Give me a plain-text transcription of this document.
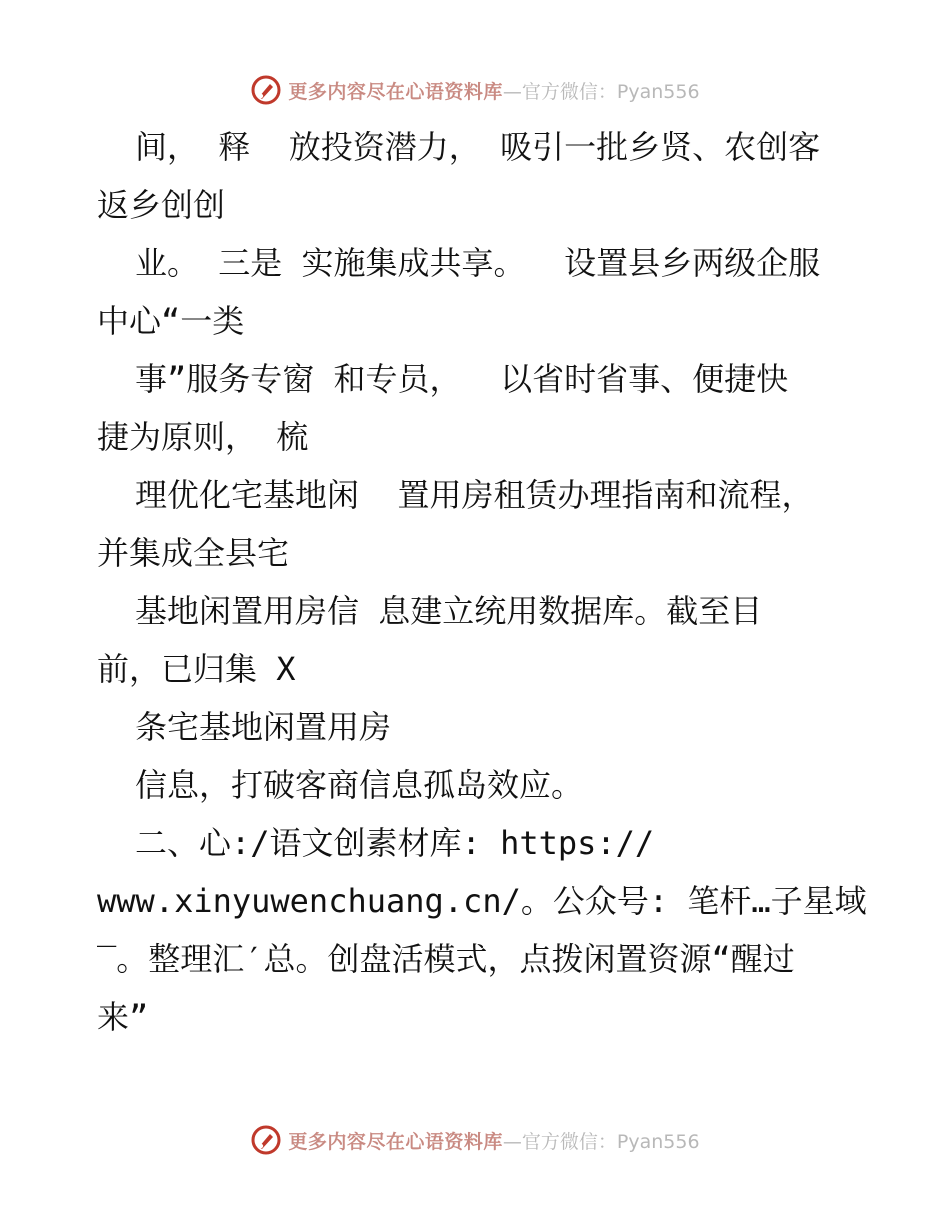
更多内容尽在心语资料库 —官方微信：Pyan556
间， 释  放投资潜力， 吸引一批乡贤、农创客
返乡创创
业。 三是 实施集成共享。  设置县乡两级企服
中心“一类
事”服务专窗 和专员，  以省时省事、便捷快
捷为原则， 梳
理优化宅基地闲  置用房租赁办理指南和流程，
并集成全县宅
基地闲置用房信 息建立统用数据库。截至目
前，已归集 X
条宅基地闲置用房
信息，打破客商信息孤岛效应。
二、心:/语文创素材库: https://
www.xinyuwenchuang.cn/。公众号: 笔杆…子星域
‾。整理汇′总。创盘活模式，点拨闲置资源“醒过
来”
更多内容尽在心语资料库 —官方微信：Pyan556
